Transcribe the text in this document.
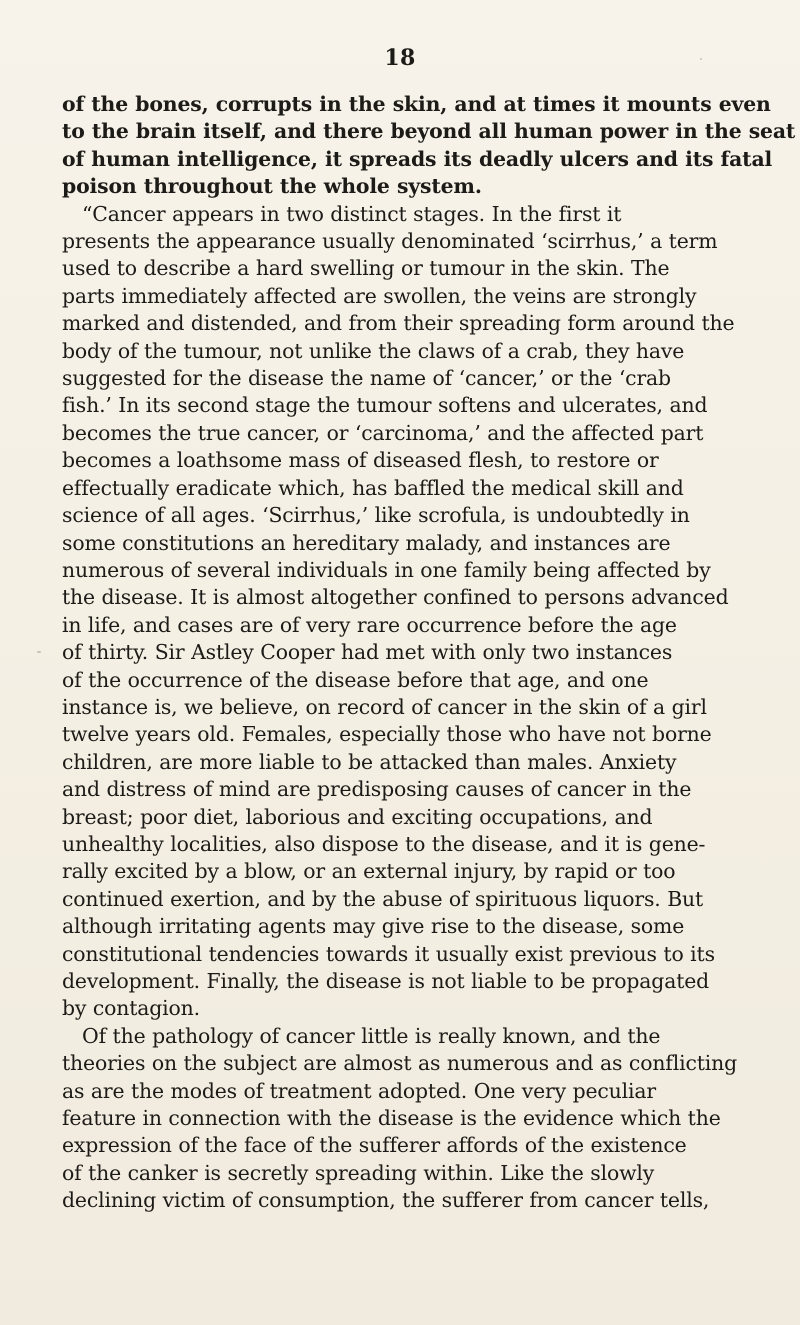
18
of the bones, corrupts in the skin, and at times it mounts even
to the brain itself, and there beyond all human power in the seat
of human intelligence, it spreads its deadly ulcers and its fatal
poison throughout the whole system.
“Cancer appears in two distinct stages. In the first it
presents the appearance usually denominated ‘scirrhus,’ a term
used to describe a hard swelling or tumour in the skin. The
parts immediately affected are swollen, the veins are strongly
marked and distended, and from their spreading form around the
body of the tumour, not unlike the claws of a crab, they have
suggested for the disease the name of ‘cancer,’ or the ‘crab
fish.’ In its second stage the tumour softens and ulcerates, and
becomes the true cancer, or ‘carcinoma,’ and the affected part
becomes a loathsome mass of diseased flesh, to restore or
effectually eradicate which, has baffled the medical skill and
science of all ages. ‘Scirrhus,’ like scrofula, is undoubtedly in
some constitutions an hereditary malady, and instances are
numerous of several individuals in one family being affected by
the disease. It is almost altogether confined to persons advanced
in life, and cases are of very rare occurrence before the age
of thirty. Sir Astley Cooper had met with only two instances
of the occurrence of the disease before that age, and one
instance is, we believe, on record of cancer in the skin of a girl
twelve years old. Females, especially those who have not borne
children, are more liable to be attacked than males. Anxiety
and distress of mind are predisposing causes of cancer in the
breast; poor diet, laborious and exciting occupations, and
unhealthy localities, also dispose to the disease, and it is gene-
rally excited by a blow, or an external injury, by rapid or too
continued exertion, and by the abuse of spirituous liquors. But
although irritating agents may give rise to the disease, some
constitutional tendencies towards it usually exist previous to its
development. Finally, the disease is not liable to be propagated
by contagion.
Of the pathology of cancer little is really known, and the
theories on the subject are almost as numerous and as conflicting
as are the modes of treatment adopted. One very peculiar
feature in connection with the disease is the evidence which the
expression of the face of the sufferer affords of the existence
of the canker is secretly spreading within. Like the slowly
declining victim of consumption, the sufferer from cancer tells,
